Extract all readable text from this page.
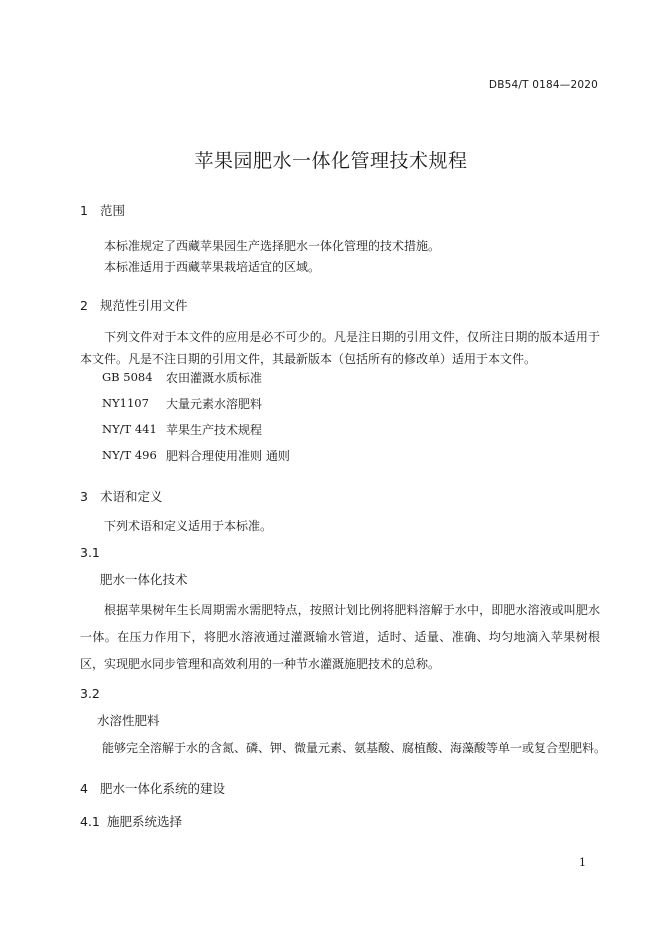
DB54/T 0184—2020
苹果园肥水一体化管理技术规程
1 范围
本标准规定了西藏苹果园生产选择肥水一体化管理的技术措施。
本标准适用于西藏苹果栽培适宜的区域。
2 规范性引用文件
下列文件对于本文件的应用是必不可少的。凡是注日期的引用文件，仅所注日期的版本适用于本文件。凡是不注日期的引用文件，其最新版本（包括所有的修改单）适用于本文件。
GB 5084 农田灌溉水质标准
NY1107 大量元素水溶肥料
NY/T 441 苹果生产技术规程
NY/T 496 肥料合理使用准则 通则
3 术语和定义
下列术语和定义适用于本标准。
3.1
肥水一体化技术
根据苹果树年生长周期需水需肥特点，按照计划比例将肥料溶解于水中，即肥水溶液或叫肥水一体。在压力作用下，将肥水溶液通过灌溉输水管道，适时、适量、准确、均匀地滴入苹果树根区，实现肥水同步管理和高效利用的一种节水灌溉施肥技术的总称。
3.2
水溶性肥料
能够完全溶解于水的含氮、磷、钾、微量元素、氨基酸、腐植酸、海藻酸等单一或复合型肥料。
4 肥水一体化系统的建设
4.1 施肥系统选择
1
